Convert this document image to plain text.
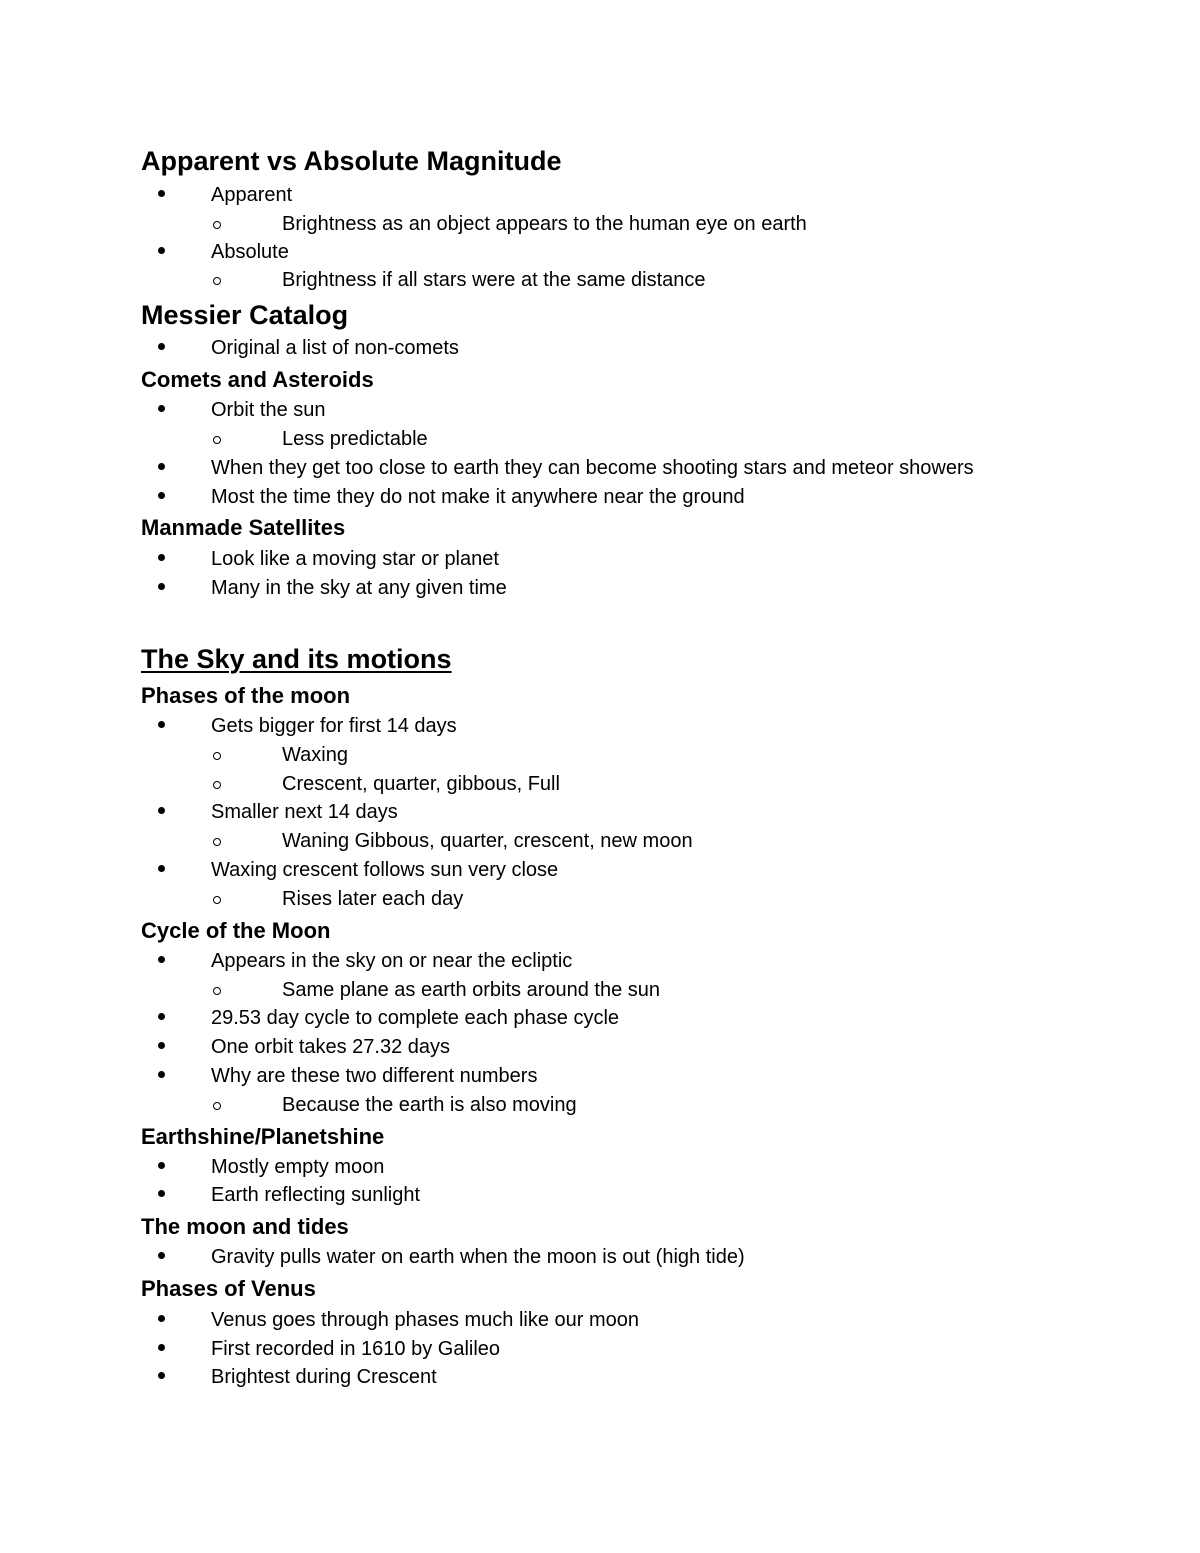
Apparent vs Absolute Magnitude
Apparent
Brightness as an object appears to the human eye on earth
Absolute
Brightness if all stars were at the same distance
Messier Catalog
Original a list of non-comets
Comets and Asteroids
Orbit the sun
Less predictable
When they get too close to earth they can become shooting stars and meteor showers
Most the time they do not make it anywhere near the ground
Manmade Satellites
Look like a moving star or planet
Many in the sky at any given time
The Sky and its motions
Phases of the moon
Gets bigger for first 14 days
Waxing
Crescent, quarter, gibbous, Full
Smaller next 14 days
Waning Gibbous, quarter, crescent, new moon
Waxing crescent follows sun very close
Rises later each day
Cycle of the Moon
Appears in the sky on or near the ecliptic
Same plane as earth orbits around the sun
29.53 day cycle to complete each phase cycle
One orbit takes 27.32 days
Why are these two different numbers
Because the earth is also moving
Earthshine/Planetshine
Mostly empty moon
Earth reflecting sunlight
The moon and tides
Gravity pulls water on earth when the moon is out (high tide)
Phases of Venus
Venus goes through phases much like our moon
First recorded in 1610 by Galileo
Brightest during Crescent
